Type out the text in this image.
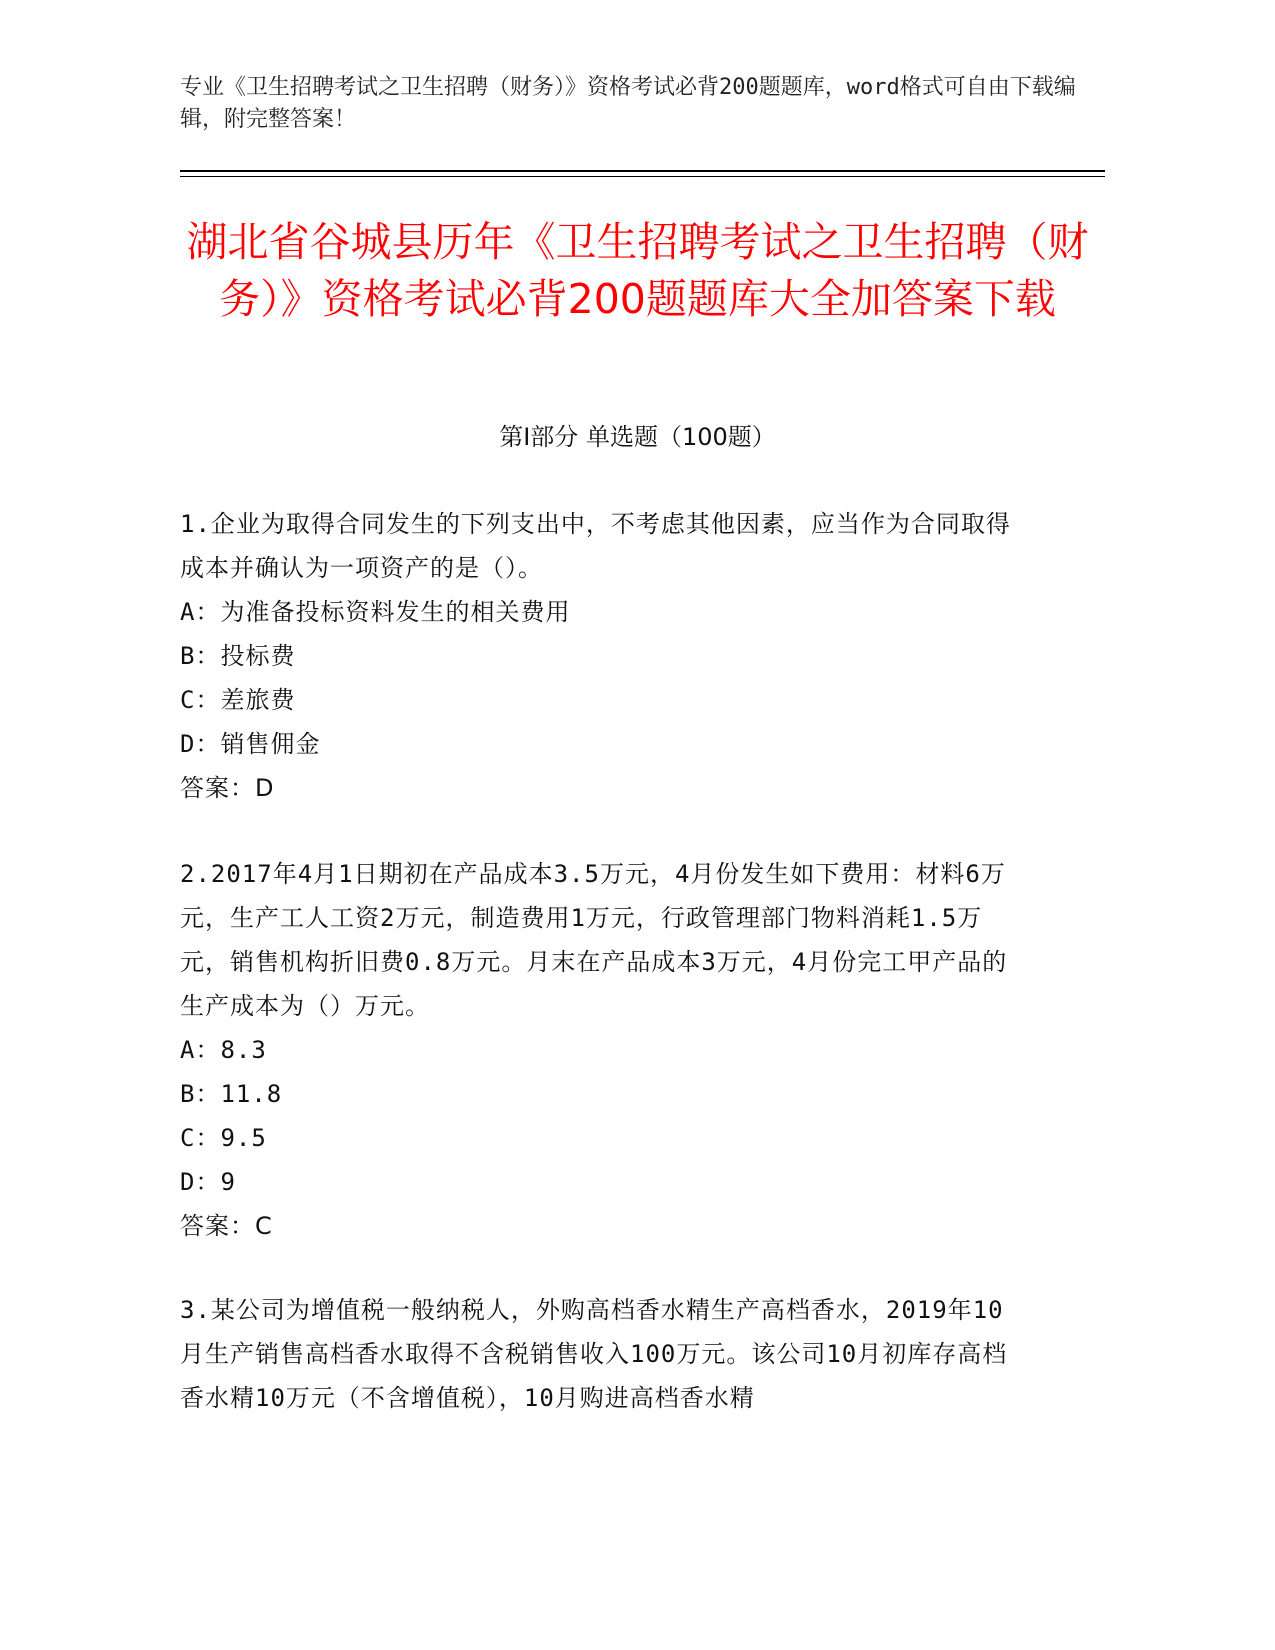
专业《卫生招聘考试之卫生招聘（财务）》资格考试必背200题题库，word格式可自由下载编辑，附完整答案！
湖北省谷城县历年《卫生招聘考试之卫生招聘（财务）》资格考试必背200题题库大全加答案下载
第Ⅰ部分 单选题（100题）
1.企业为取得合同发生的下列支出中，不考虑其他因素，应当作为合同取得成本并确认为一项资产的是（）。
A：为准备投标资料发生的相关费用
B：投标费
C：差旅费
D：销售佣金
答案：D
2.2017年4月1日期初在产品成本3.5万元，4月份发生如下费用：材料6万元，生产工人工资2万元，制造费用1万元，行政管理部门物料消耗1.5万元，销售机构折旧费0.8万元。月末在产品成本3万元，4月份完工甲产品的生产成本为（）万元。
A：8.3
B：11.8
C：9.5
D：9
答案：C
3.某公司为增值税一般纳税人，外购高档香水精生产高档香水，2019年10月生产销售高档香水取得不含税销售收入100万元。该公司10月初库存高档香水精10万元（不含增值税），10月购进高档香水精
